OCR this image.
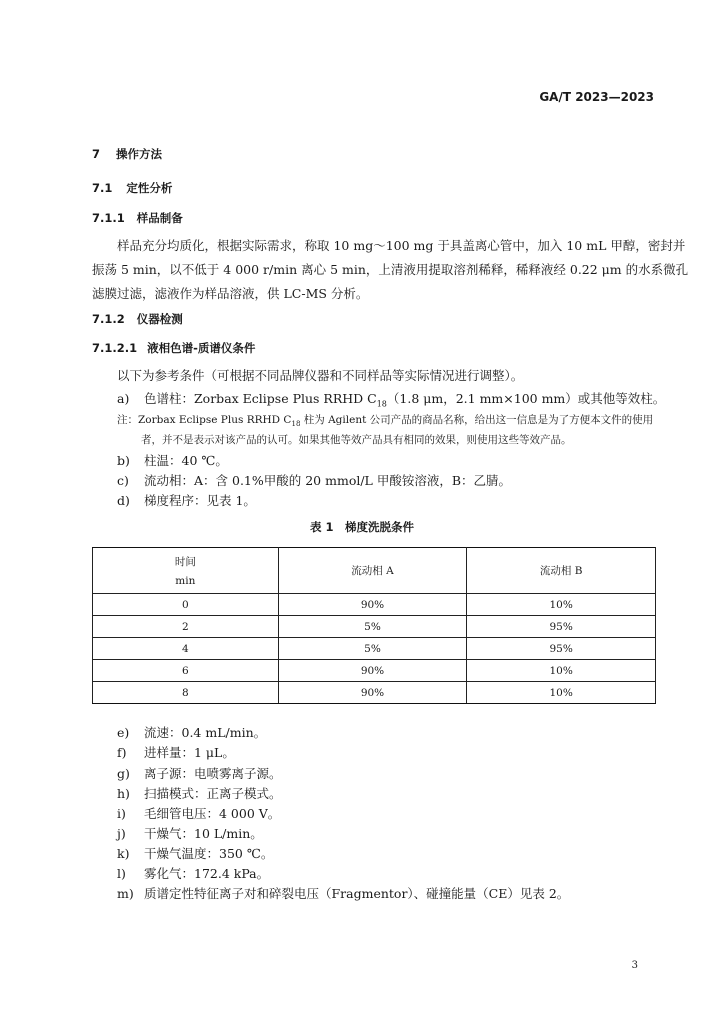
GA/T 2023—2023
7 操作方法
7.1 定性分析
7.1.1 样品制备
样品充分均质化，根据实际需求，称取 10 mg～100 mg 于具盖离心管中，加入 10 mL 甲醇，密封并
振荡 5 min，以不低于 4 000 r/min 离心 5 min，上清液用提取溶剂稀释，稀释液经 0.22 μm 的水系微孔
滤膜过滤，滤液作为样品溶液，供 LC-MS 分析。
7.1.2 仪器检测
7.1.2.1 液相色谱-质谱仪条件
以下为参考条件（可根据不同品牌仪器和不同样品等实际情况进行调整）。
a) 色谱柱：Zorbax Eclipse Plus RRHD $C_{18}(1.8$ μm，2.1 mm×100 mm）或其他等效柱。
注：Zorbax Eclipse Plus RRHD $C_{18}$ 柱为 Agilent 公司产品的商品名称，给出这一信息是为了方便本文件的使用
者，并不是表示对该产品的认可。如果其他等效产品具有相同的效果，则使用这些等效产品。
b) 柱温：40 ℃。
c) 流动相：A：含 0.1%甲酸的 20 mmol/L 甲酸铵溶液，B：乙腈。
d) 梯度程序：见表 1。
表 1　梯度洗脱条件
时间
min	流动相 A	流动相 B
0	90%	10%
2	5%	95%
4	5%	95%
6	90%	10%
8	90%	10%
e) 流速：0.4 mL/min。
f) 进样量：1 μL。
g) 离子源：电喷雾离子源。
h) 扫描模式：正离子模式。
i) 毛细管电压：4 000 V。
j) 干燥气：10 L/min。
k) 干燥气温度：350 ℃。
l) 雾化气：172.4 kPa。
m) 质谱定性特征离子对和碎裂电压（Fragmentor）、碰撞能量（CE）见表 2。
3
